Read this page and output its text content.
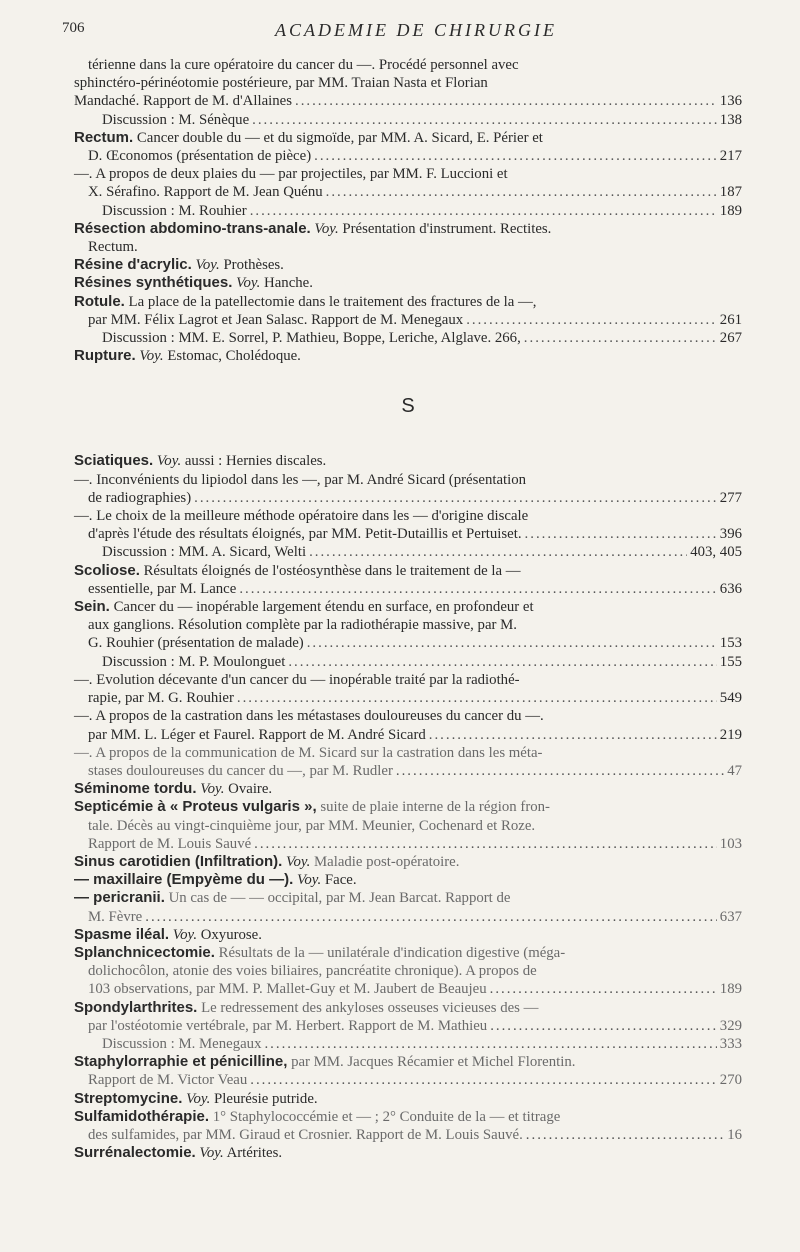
706	ACADEMIE DE CHIRURGIE

térienne dans la cure opératoire du cancer du —. Procédé personnel avec

sphinctéro-périnéotomie postérieure, par MM. Traian Nasta et Florian

Mandaché. Rapport de M. d'Allaines .....	136
Discussion : M. Sénèque .....	138

Rectum. Cancer double du — et du sigmoïde, par MM. A. Sicard, E. Périer et

D. Œconomos (présentation de pièce) .....	217

—. A propos de deux plaies du — par projectiles, par MM. F. Luccioni et

X. Sérafino. Rapport de M. Jean Quénu .....	187
Discussion : M. Rouhier .....	189

Résection abdomino-trans-anale. Voy. Présentation d'instrument. Rectites.

Rectum.

Résine d'acrylic. Voy. Prothèses.

Résines synthétiques. Voy. Hanche.

Rotule. La place de la patellectomie dans le traitement des fractures de la —,

par MM. Félix Lagrot et Jean Salasc. Rapport de M. Menegaux .....	261
Discussion : MM. E. Sorrel, P. Mathieu, Boppe, Leriche, Alglave. 266, .....	267

Rupture. Voy. Estomac, Cholédoque.

S

Sciatiques. Voy. aussi : Hernies discales.

—. Inconvénients du lipiodol dans les —, par M. André Sicard (présentation

de radiographies) .....	277

—. Le choix de la meilleure méthode opératoire dans les — d'origine discale

d'après l'étude des résultats éloignés, par MM. Petit-Dutaillis et Pertuiset. .....	396
Discussion : MM. A. Sicard, Welti .....	403, 405

Scoliose. Résultats éloignés de l'ostéosynthèse dans le traitement de la —

essentielle, par M. Lance .....	636

Sein. Cancer du — inopérable largement étendu en surface, en profondeur et

aux ganglions. Résolution complète par la radiothérapie massive, par M.

G. Rouhier (présentation de malade) .....	153
Discussion : M. P. Moulonguet .....	155

—. Evolution décevante d'un cancer du — inopérable traité par la radiothé-

rapie, par M. G. Rouhier .....	549

—. A propos de la castration dans les métastases douloureuses du cancer du —.

par MM. L. Léger et Faurel. Rapport de M. André Sicard .....	219

—. A propos de la communication de M. Sicard sur la castration dans les méta-

stases douloureuses du cancer du —, par M. Rudler .....	47

Séminome tordu. Voy. Ovaire.

Septicémie à « Proteus vulgaris », suite de plaie interne de la région fron-

tale. Décès au vingt-cinquième jour, par MM. Meunier, Cochenard et Roze.

Rapport de M. Louis Sauvé .....	103

Sinus carotidien (Infiltration). Voy. Maladie post-opératoire.

— maxillaire (Empyème du —). Voy. Face.

— pericranii. Un cas de — — occipital, par M. Jean Barcat. Rapport de

M. Fèvre .....	637

Spasme iléal. Voy. Oxyurose.

Splanchnicectomie. Résultats de la — unilatérale d'indication digestive (méga-

dolichocôlon, atonie des voies biliaires, pancréatite chronique). A propos de

103 observations, par MM. P. Mallet-Guy et M. Jaubert de Beaujeu .....	189

Spondylarthrites. Le redressement des ankyloses osseuses vicieuses des —

par l'ostéotomie vertébrale, par M. Herbert. Rapport de M. Mathieu .....	329
Discussion : M. Menegaux .....	333

Staphylorraphie et pénicilline, par MM. Jacques Récamier et Michel Florentin.

Rapport de M. Victor Veau .....	270

Streptomycine. Voy. Pleurésie putride.

Sulfamidothérapie. 1° Staphylococcémie et — ; 2° Conduite de la — et titrage

des sulfamides, par MM. Giraud et Crosnier. Rapport de M. Louis Sauvé. .....	16

Surrénalectomie. Voy. Artérites.
